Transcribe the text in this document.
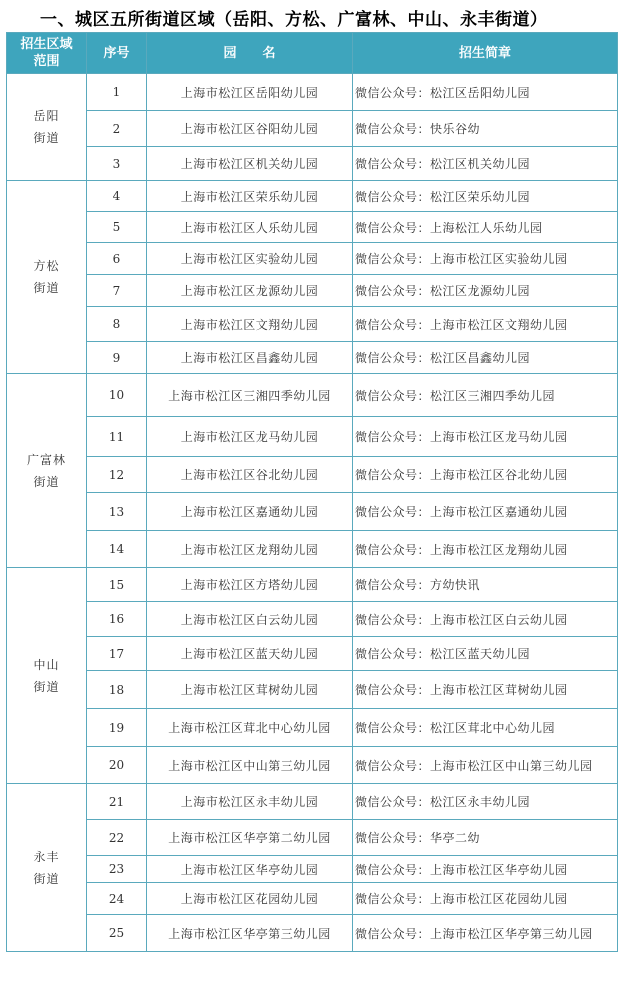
一、城区五所街道区域（岳阳、方松、广富林、中山、永丰街道）
招生区域
范围	序号	园　　名	招生简章
岳阳
街道	1	上海市松江区岳阳幼儿园	微信公众号：松江区岳阳幼儿园
	2	上海市松江区谷阳幼儿园	微信公众号：快乐谷幼
	3	上海市松江区机关幼儿园	微信公众号：松江区机关幼儿园
方松
街道	4	上海市松江区荣乐幼儿园	微信公众号：松江区荣乐幼儿园
	5	上海市松江区人乐幼儿园	微信公众号：上海松江人乐幼儿园
	6	上海市松江区实验幼儿园	微信公众号：上海市松江区实验幼儿园
	7	上海市松江区龙源幼儿园	微信公众号：松江区龙源幼儿园
	8	上海市松江区文翔幼儿园	微信公众号：上海市松江区文翔幼儿园
	9	上海市松江区昌鑫幼儿园	微信公众号：松江区昌鑫幼儿园
广富林
街道	10	上海市松江区三湘四季幼儿园	微信公众号：松江区三湘四季幼儿园
	11	上海市松江区龙马幼儿园	微信公众号：上海市松江区龙马幼儿园
	12	上海市松江区谷北幼儿园	微信公众号：上海市松江区谷北幼儿园
	13	上海市松江区嘉通幼儿园	微信公众号：上海市松江区嘉通幼儿园
	14	上海市松江区龙翔幼儿园	微信公众号：上海市松江区龙翔幼儿园
中山
街道	15	上海市松江区方塔幼儿园	微信公众号：方幼快讯
	16	上海市松江区白云幼儿园	微信公众号：上海市松江区白云幼儿园
	17	上海市松江区蓝天幼儿园	微信公众号：松江区蓝天幼儿园
	18	上海市松江区茸树幼儿园	微信公众号：上海市松江区茸树幼儿园
	19	上海市松江区茸北中心幼儿园	微信公众号：松江区茸北中心幼儿园
	20	上海市松江区中山第三幼儿园	微信公众号：上海市松江区中山第三幼儿园
永丰
街道	21	上海市松江区永丰幼儿园	微信公众号：松江区永丰幼儿园
	22	上海市松江区华亭第二幼儿园	微信公众号：华亭二幼
	23	上海市松江区华亭幼儿园	微信公众号：上海市松江区华亭幼儿园
	24	上海市松江区花园幼儿园	微信公众号：上海市松江区花园幼儿园
	25	上海市松江区华亭第三幼儿园	微信公众号：上海市松江区华亭第三幼儿园
